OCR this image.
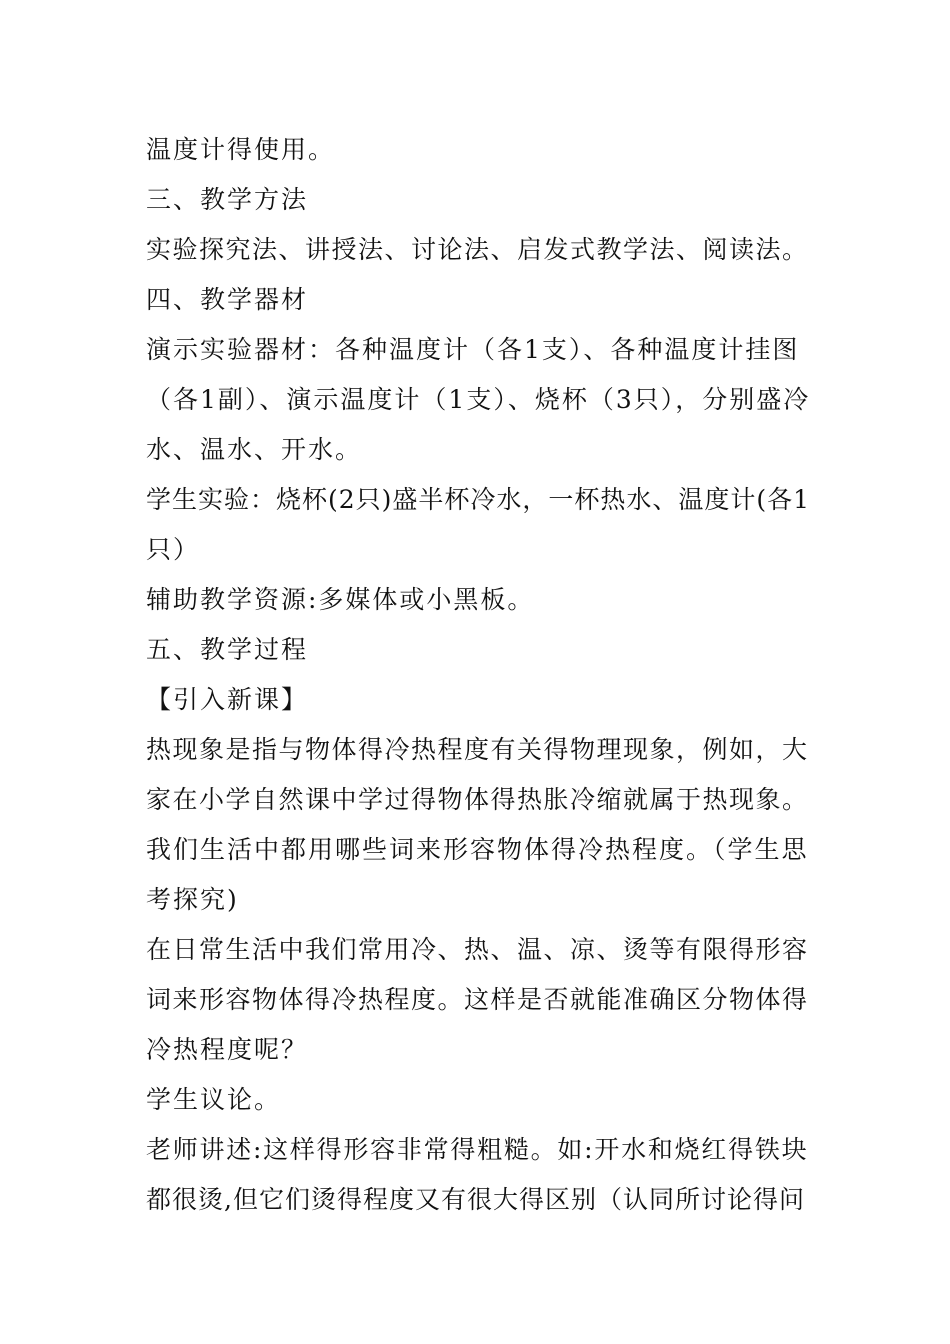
温度计得使用。
三、教学方法
实验探究法、讲授法、讨论法、启发式教学法、阅读法。
四、教学器材
演示实验器材：各种温度计（各1支）、各种温度计挂图
（各1副）、演示温度计（1支）、烧杯（3只），分别盛冷
水、温水、开水。
学生实验：烧杯(2只)盛半杯冷水，一杯热水、温度计(各1
只）
辅助教学资源:多媒体或小黑板。
五、教学过程
【引入新课】
热现象是指与物体得冷热程度有关得物理现象，例如，大
家在小学自然课中学过得物体得热胀冷缩就属于热现象。
我们生活中都用哪些词来形容物体得冷热程度。（学生思
考探究)
在日常生活中我们常用冷、热、温、凉、烫等有限得形容
词来形容物体得冷热程度。这样是否就能准确区分物体得
冷热程度呢？
学生议论。
老师讲述:这样得形容非常得粗糙。如:开水和烧红得铁块
都很烫,但它们烫得程度又有很大得区别（认同所讨论得问
